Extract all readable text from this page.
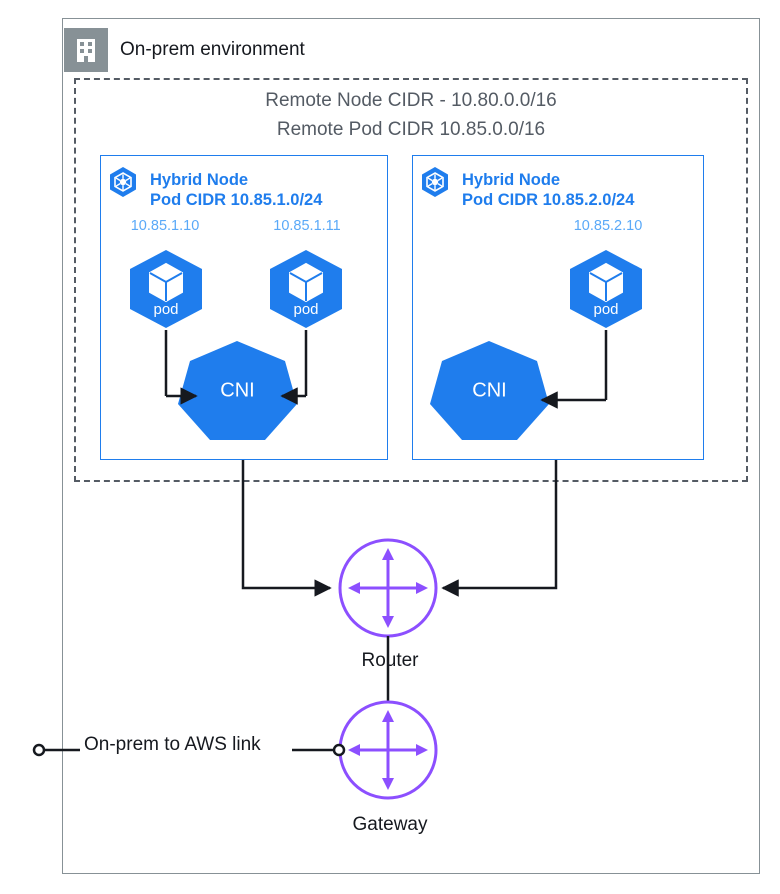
On-prem environment
Remote Node CIDR - 10.80.0.0/16
Remote Pod CIDR 10.85.0.0/16
Hybrid Node
Pod CIDR 10.85.1.0/24
Hybrid Node
Pod CIDR 10.85.2.0/24
10.85.1.10	10.85.1.11	10.85.2.10
pod	pod	pod
CNI	CNI
Router
Gateway
On-prem to AWS link
